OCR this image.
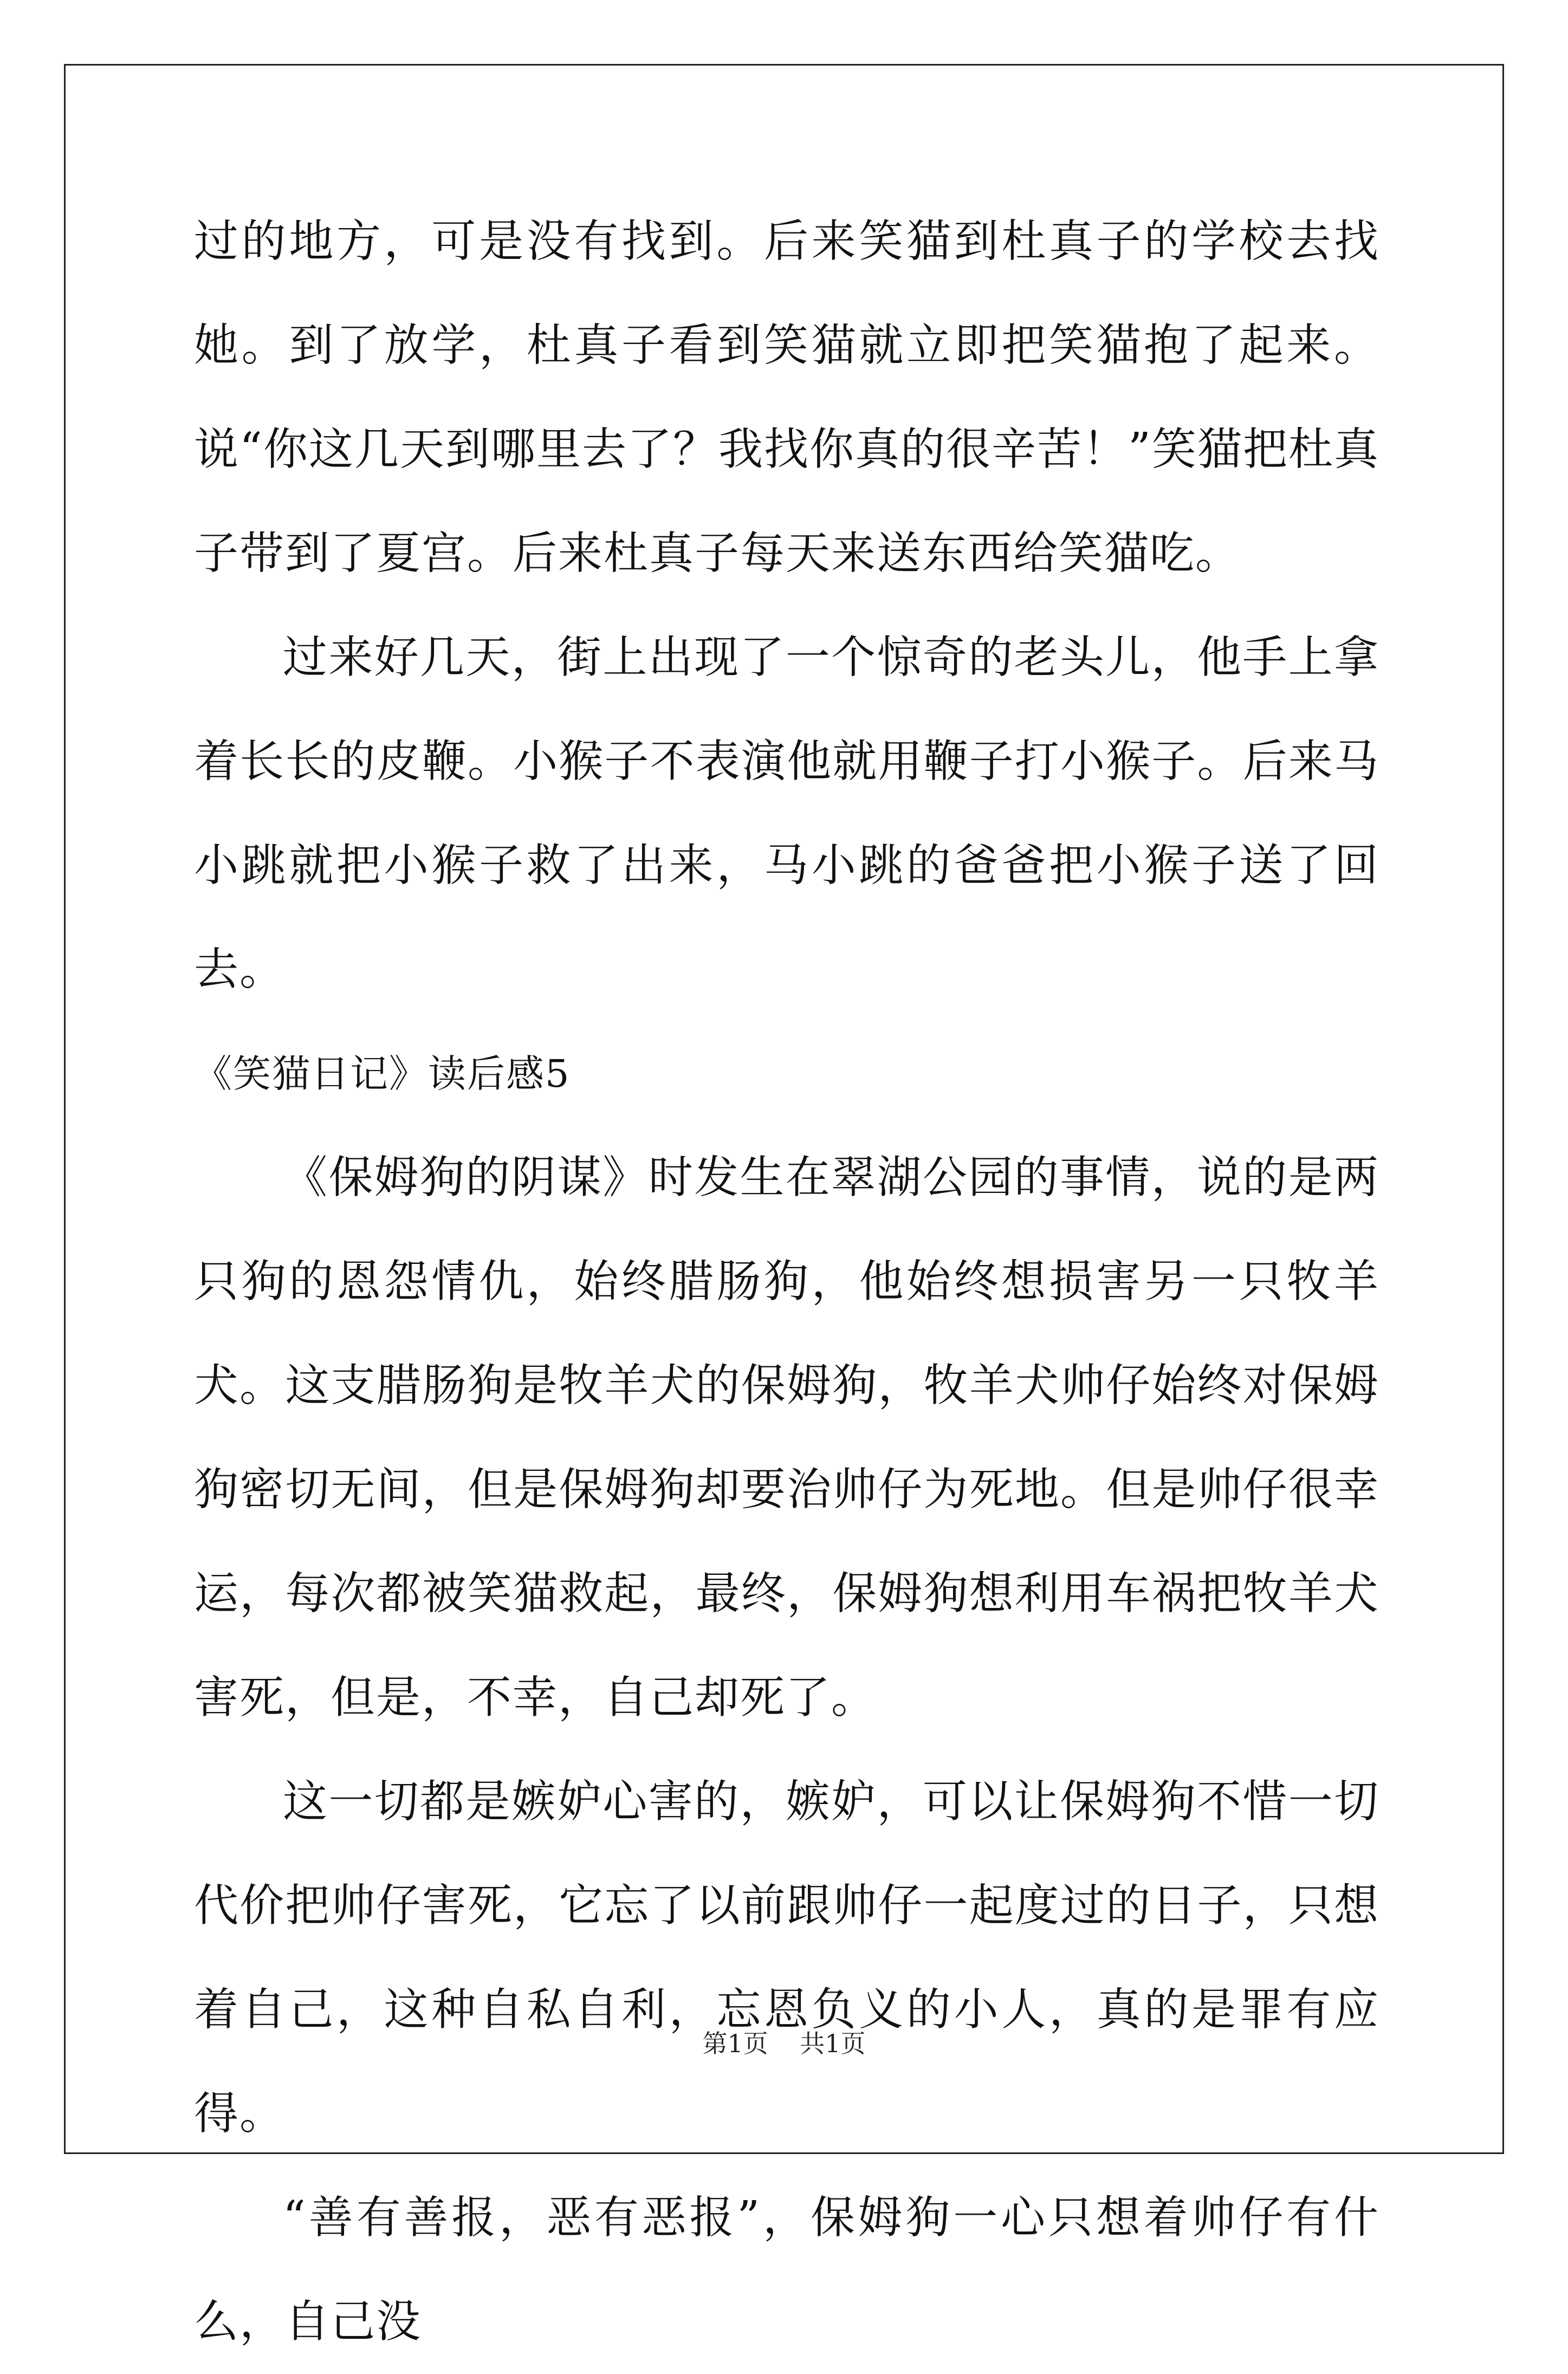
过的地方，可是没有找到。后来笑猫到杜真子的学校去找她。到了放学，杜真子看到笑猫就立即把笑猫抱了起来。说“你这几天到哪里去了？我找你真的很辛苦！”笑猫把杜真子带到了夏宫。后来杜真子每天来送东西给笑猫吃。

过来好几天，街上出现了一个惊奇的老头儿，他手上拿着长长的皮鞭。小猴子不表演他就用鞭子打小猴子。后来马小跳就把小猴子救了出来，马小跳的爸爸把小猴子送了回去。

《笑猫日记》读后感5

《保姆狗的阴谋》时发生在翠湖公园的事情，说的是两只狗的恩怨情仇，始终腊肠狗，他始终想损害另一只牧羊犬。这支腊肠狗是牧羊犬的保姆狗，牧羊犬帅仔始终对保姆狗密切无间，但是保姆狗却要治帅仔为死地。但是帅仔很幸运，每次都被笑猫救起，最终，保姆狗想利用车祸把牧羊犬害死，但是，不幸，自己却死了。

这一切都是嫉妒心害的，嫉妒，可以让保姆狗不惜一切代价把帅仔害死，它忘了以前跟帅仔一起度过的日子，只想着自己，这种自私自利，忘恩负义的小人，真的是罪有应得。

“善有善报，恶有恶报”，保姆狗一心只想着帅仔有什么，自己没

第1页 共1页
